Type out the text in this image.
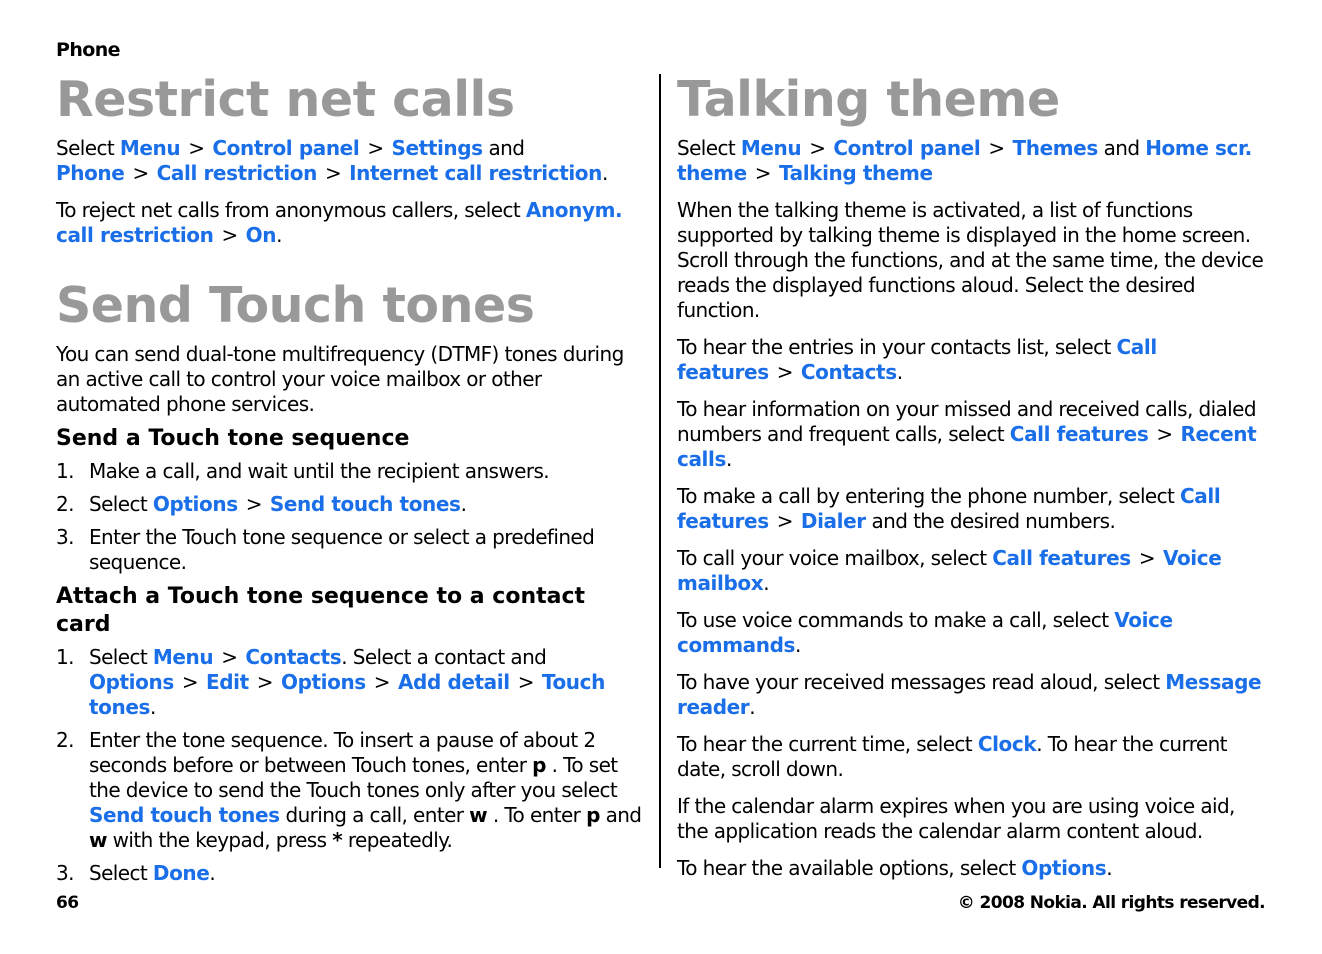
Phone

Restrict net calls

Select Menu > Control panel > Settings and Phone > Call restriction > Internet call restriction.

To reject net calls from anonymous callers, select Anonym. call restriction > On.

Send Touch tones

You can send dual-tone multifrequency (DTMF) tones during an active call to control your voice mailbox or other automated phone services.

Send a Touch tone sequence
1. Make a call, and wait until the recipient answers.
2. Select Options > Send touch tones.
3. Enter the Touch tone sequence or select a predefined sequence.
Attach a Touch tone sequence to a contact card
1. Select Menu > Contacts. Select a contact and Options > Edit > Options > Add detail > Touch tones.
2. Enter the tone sequence. To insert a pause of about 2 seconds before or between Touch tones, enter p . To set the device to send the Touch tones only after you select Send touch tones during a call, enter w . To enter p and w with the keypad, press * repeatedly.
3. Select Done.
Talking theme

Select Menu > Control panel > Themes and Home scr. theme > Talking theme

When the talking theme is activated, a list of functions supported by talking theme is displayed in the home screen. Scroll through the functions, and at the same time, the device reads the displayed functions aloud. Select the desired function.

To hear the entries in your contacts list, select Call features > Contacts.

To hear information on your missed and received calls, dialed numbers and frequent calls, select Call features > Recent calls.

To make a call by entering the phone number, select Call features > Dialer and the desired numbers.

To call your voice mailbox, select Call features > Voice mailbox.

To use voice commands to make a call, select Voice commands.

To have your received messages read aloud, select Message reader.

To hear the current time, select Clock. To hear the current date, scroll down.

If the calendar alarm expires when you are using voice aid, the application reads the calendar alarm content aloud.

To hear the available options, select Options.

66	© 2008 Nokia. All rights reserved.
